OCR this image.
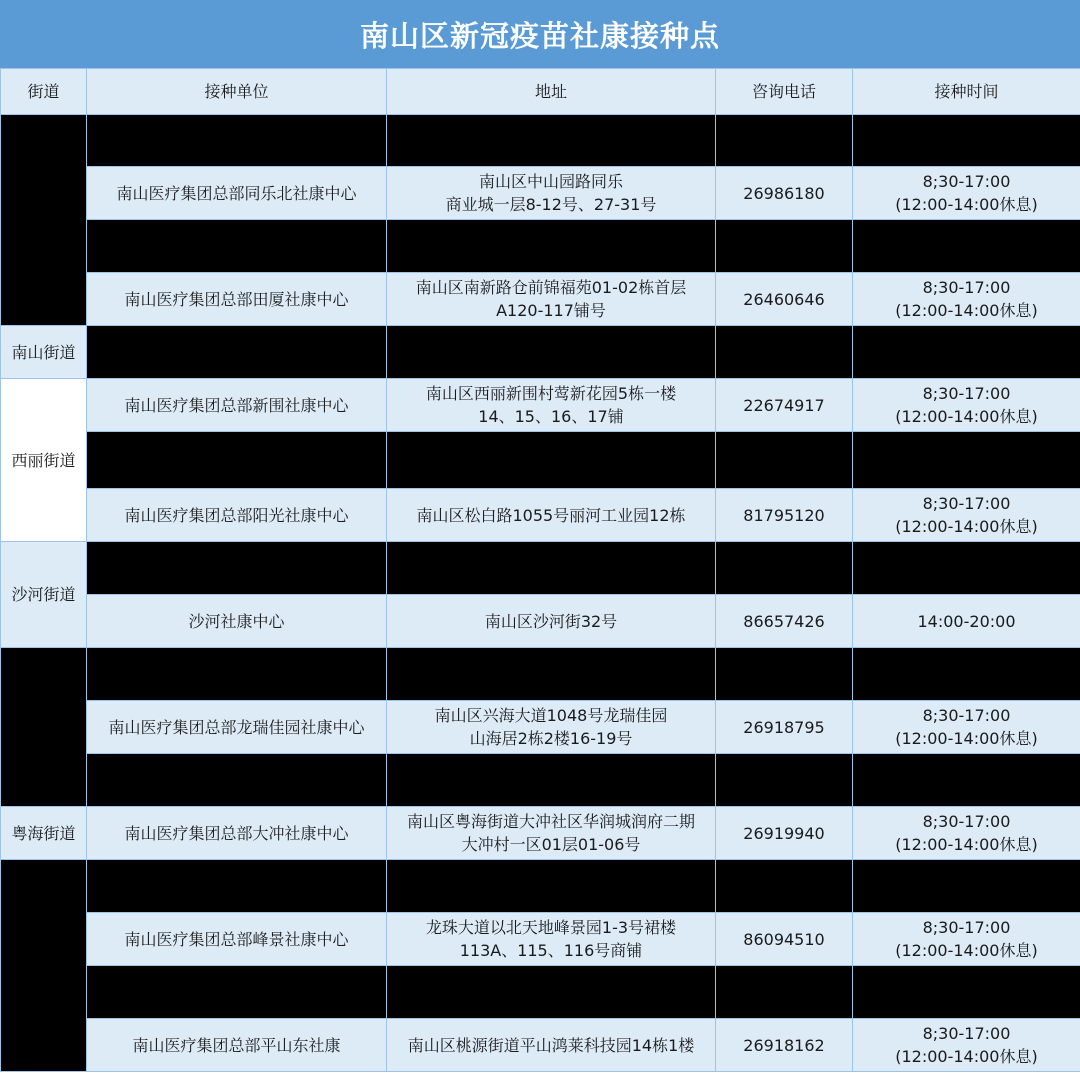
南山区新冠疫苗社康接种点
街道	接种单位	地址	咨询电话	接种时间

	南山医疗集团总部同乐北社康中心	南山区中山园路同乐
商业城一层8-12号、27-31号	26986180	8;30-17:00
(12:00-14:00休息)

	南山医疗集团总部田厦社康中心	南山区南新路仓前锦福苑01-02栋首层
A120-117铺号	26460646	8;30-17:00
(12:00-14:00休息)

南山街道				
西丽街道	南山医疗集团总部新围社康中心	南山区西丽新围村莺新花园5栋一楼
14、15、16、17铺	22674917	8;30-17:00
(12:00-14:00休息)

	南山医疗集团总部阳光社康中心	南山区松白路1055号丽河工业园12栋	81795120	8;30-17:00
(12:00-14:00休息)

沙河街道				
	沙河社康中心	南山区沙河街32号	86657426	14:00-20:00

	南山医疗集团总部龙瑞佳园社康中心	南山区兴海大道1048号龙瑞佳园
山海居2栋2楼16-19号	26918795	8;30-17:00
(12:00-14:00休息)

粤海街道	南山医疗集团总部大冲社康中心	南山区粤海街道大冲社区华润城润府二期
大冲村一区01层01-06号	26919940	8;30-17:00
(12:00-14:00休息)

	南山医疗集团总部峰景社康中心	龙珠大道以北天地峰景园1-3号裙楼
113A、115、116号商铺	86094510	8;30-17:00
(12:00-14:00休息)

	南山医疗集团总部平山东社康	南山区桃源街道平山鸿莱科技园14栋1楼	26918162	8;30-17:00
(12:00-14:00休息)
